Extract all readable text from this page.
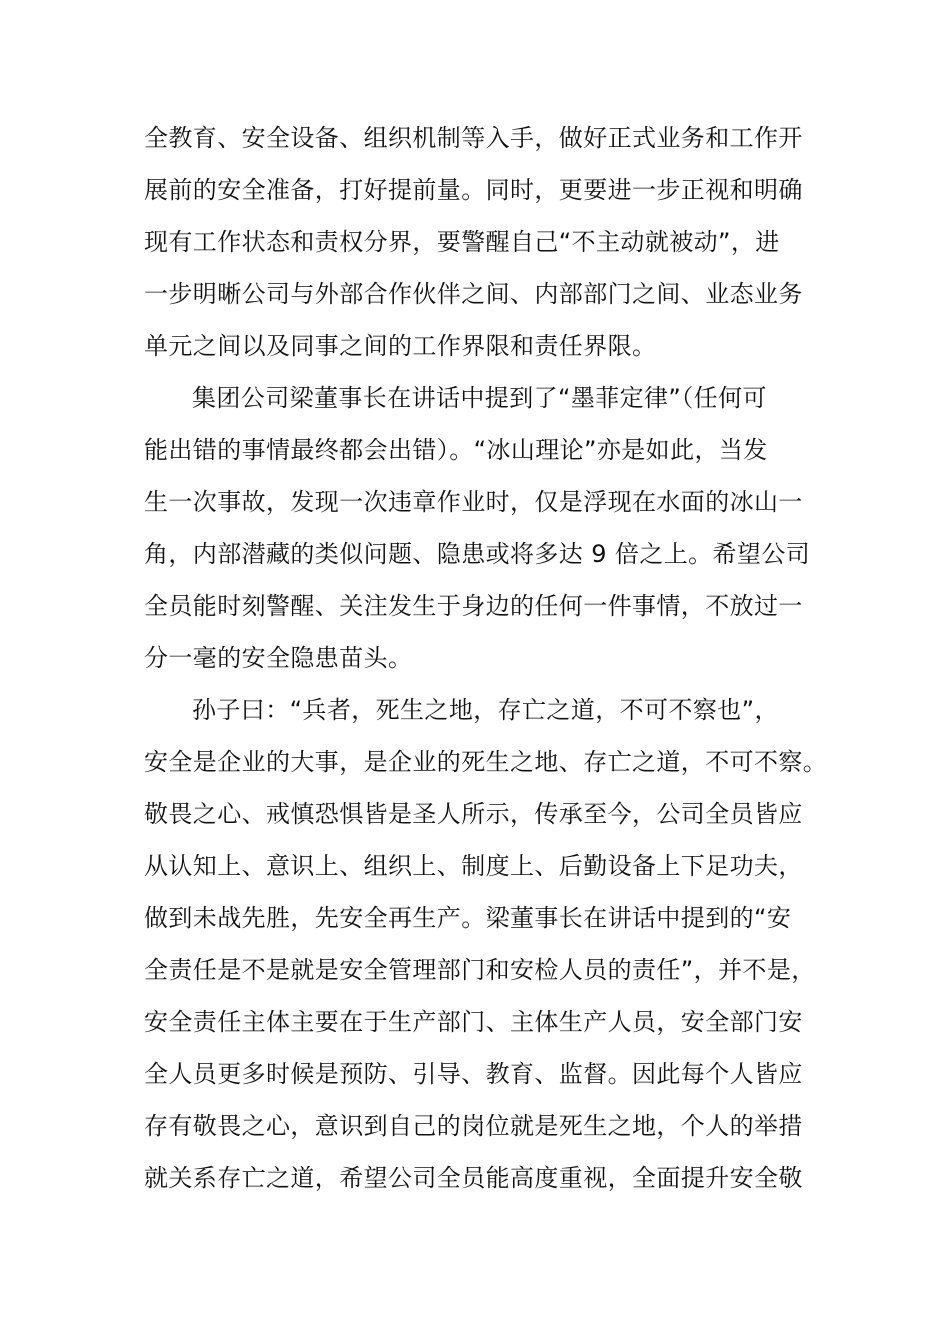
全教育、安全设备、组织机制等入手，做好正式业务和工作开
展前的安全准备，打好提前量。同时，更要进一步正视和明确
现有工作状态和责权分界，要警醒自己“不主动就被动”，进
一步明晰公司与外部合作伙伴之间、内部部门之间、业态业务
单元之间以及同事之间的工作界限和责任界限。
集团公司梁董事长在讲话中提到了“墨菲定律”（任何可
能出错的事情最终都会出错）。“冰山理论”亦是如此，当发
生一次事故，发现一次违章作业时，仅是浮现在水面的冰山一
角，内部潜藏的类似问题、隐患或将多达 9 倍之上。希望公司
全员能时刻警醒、关注发生于身边的任何一件事情，不放过一
分一毫的安全隐患苗头。
孙子曰：“兵者，死生之地，存亡之道，不可不察也”，
安全是企业的大事，是企业的死生之地、存亡之道，不可不察。
敬畏之心、戒慎恐惧皆是圣人所示，传承至今，公司全员皆应
从认知上、意识上、组织上、制度上、后勤设备上下足功夫，
做到未战先胜，先安全再生产。梁董事长在讲话中提到的“安
全责任是不是就是安全管理部门和安检人员的责任”，并不是，
安全责任主体主要在于生产部门、主体生产人员，安全部门安
全人员更多时候是预防、引导、教育、监督。因此每个人皆应
存有敬畏之心，意识到自己的岗位就是死生之地，个人的举措
就关系存亡之道，希望公司全员能高度重视，全面提升安全敬
